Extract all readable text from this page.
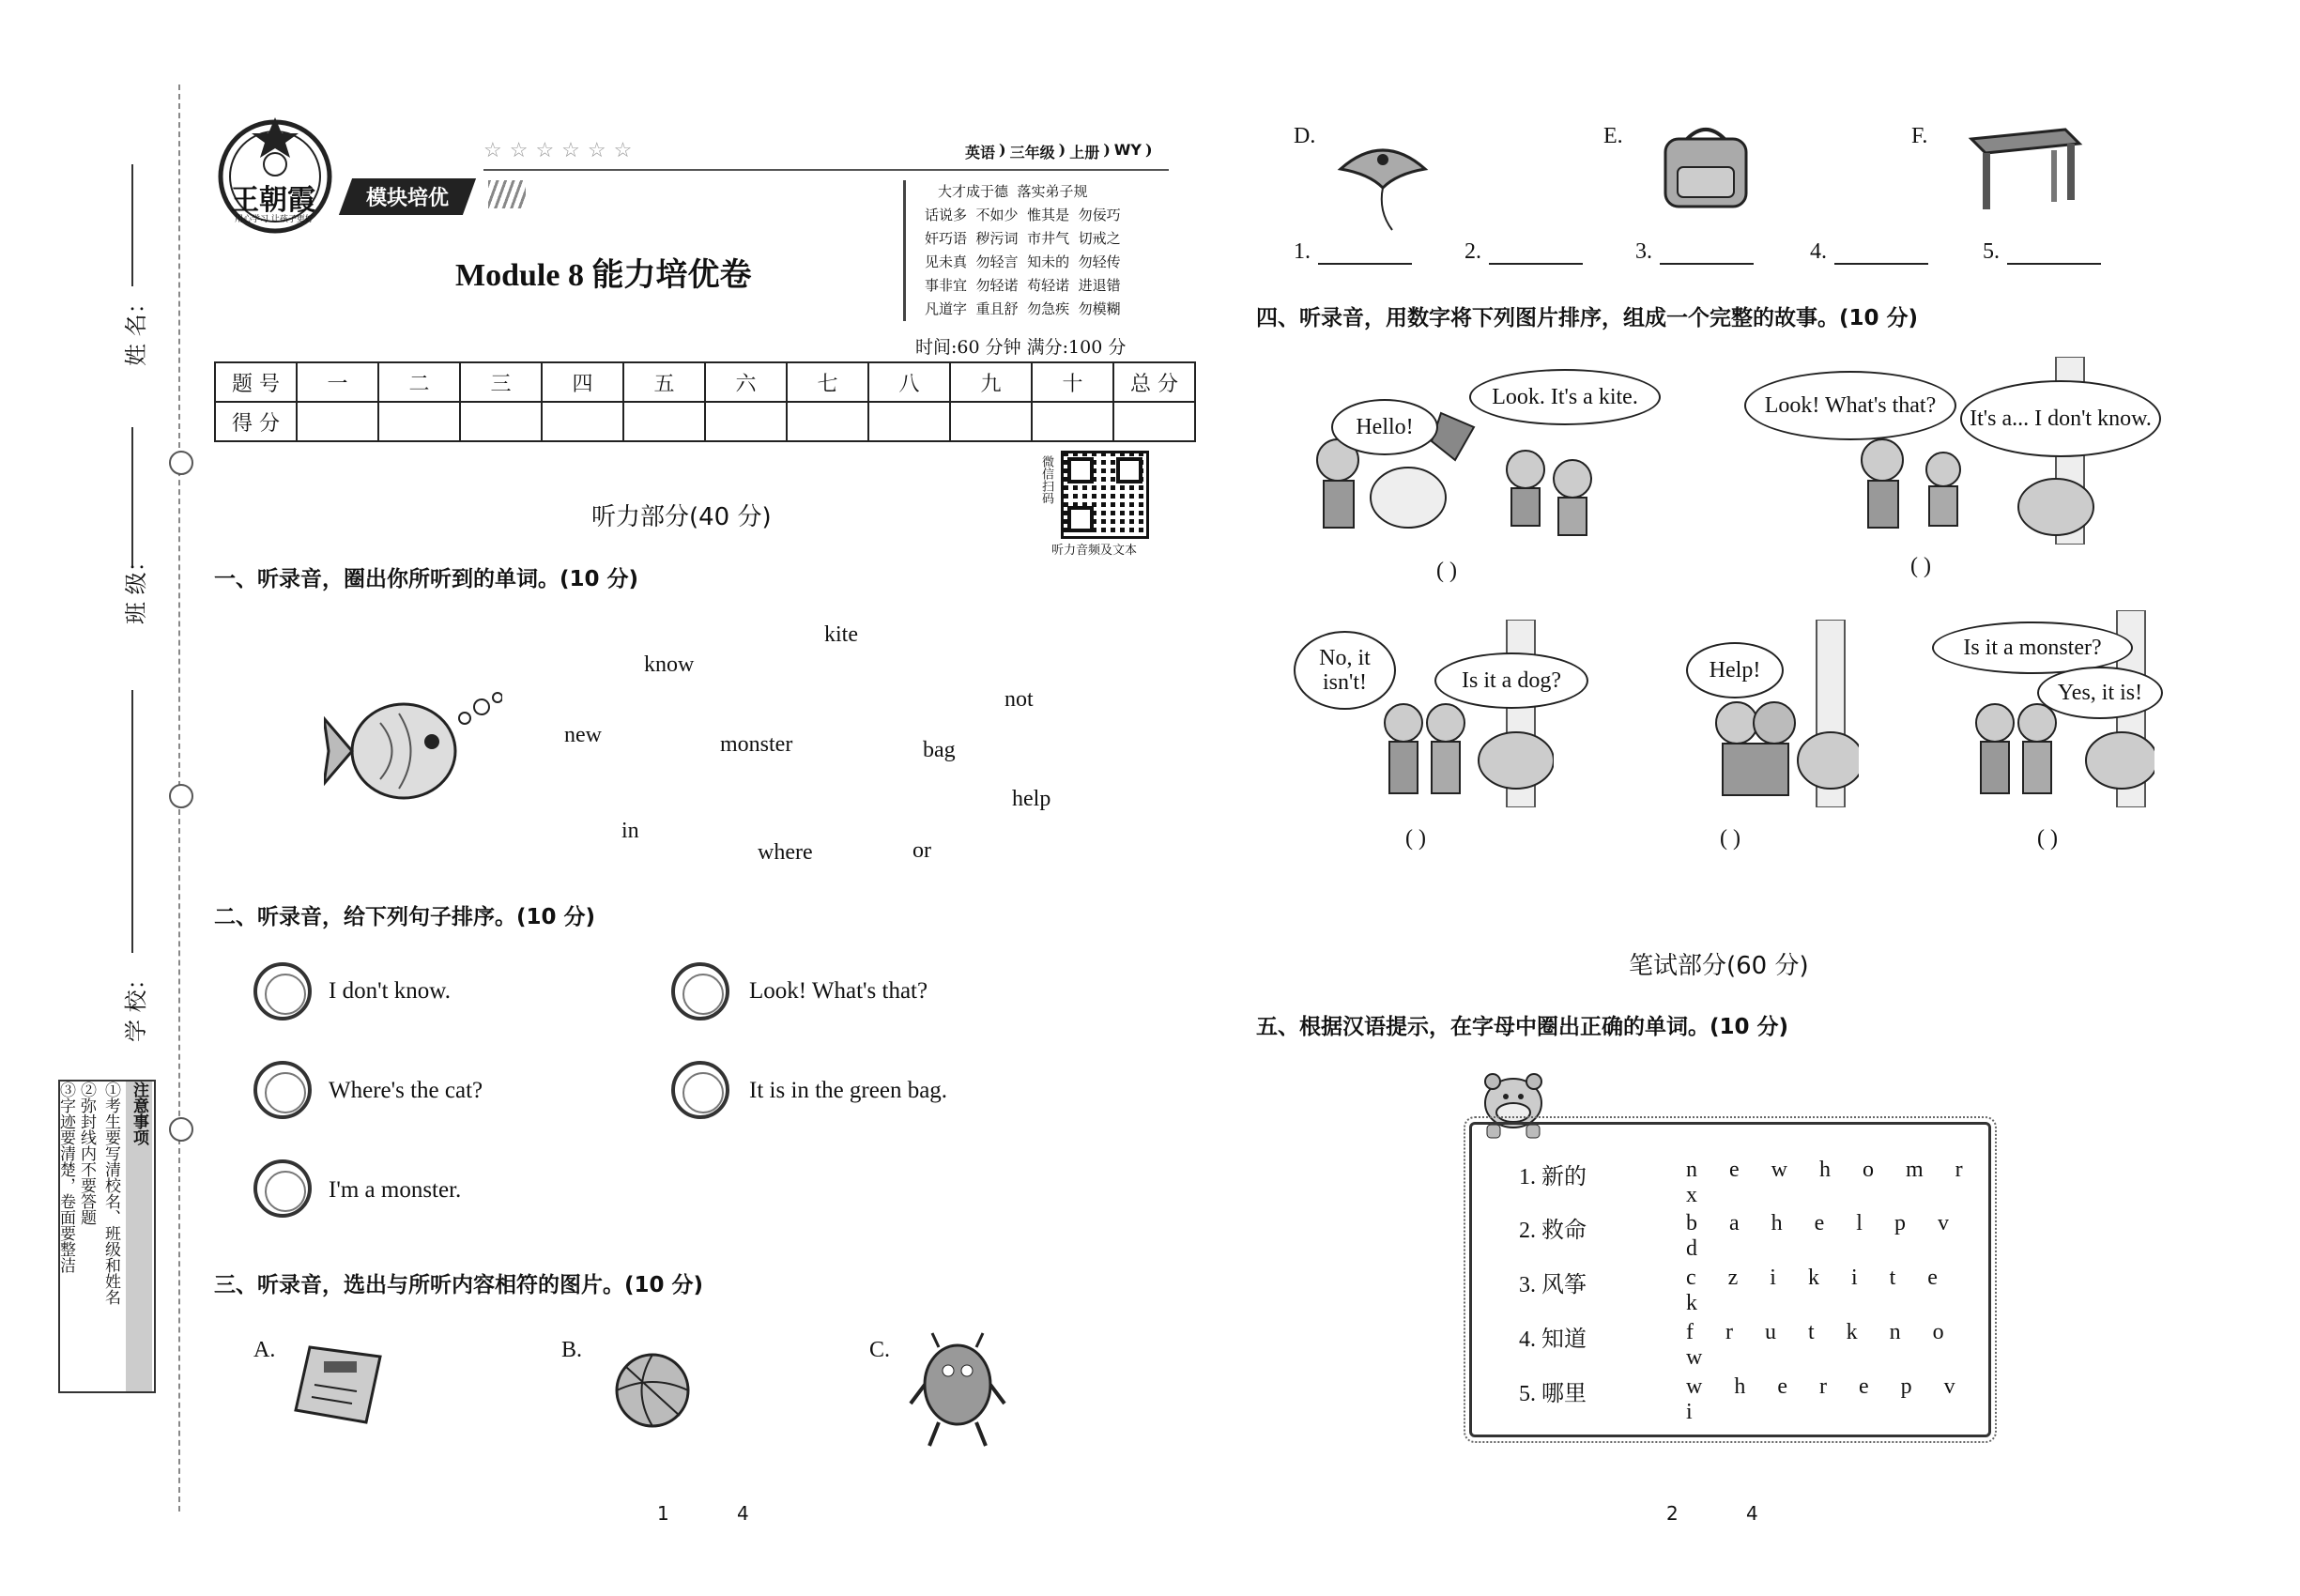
姓 名：
班 级：
学 校：
注意事项
①考生要写清校名、班级和姓名
②弥封线内不要答题
③字迹要清楚，卷面要整洁
王朝霞
用心学习 让孩子更好
模块培优
☆☆☆☆☆☆	英语 ) 三年级 ) 上册 ) WY )
Module 8 能力培优卷
大才成于德  落实弟子规
话说多  不如少  惟其是  勿佞巧
奸巧语  秽污词  市井气  切戒之
见未真  勿轻言  知未的  勿轻传
事非宜  勿轻诺  苟轻诺  进退错
凡道字  重且舒  勿急疾  勿模糊
时间:60 分钟 满分:100 分
题 号	一	二	三	四	五	六	七	八	九	十	总 分
得 分											
微信扫码
听力音频及文本
听力部分(40 分)
一、听录音，圈出你所听到的单词。(10 分)
kite
know
not
new	monster	bag
help
in
where	or
二、听录音，给下列句子排序。(10 分)
I don't know.	Look! What's that?
Where's the cat?	It is in the green bag.
I'm a monster.
三、听录音，选出与所听内容相符的图片。(10 分)
A.	B.	C.
D.	E.	F.
1.	2.	3.	4.	5.
四、听录音，用数字将下列图片排序，组成一个完整的故事。(10 分)
Hello!
Look. It's a kite.
( )
Look! What's that?
It's a... I don't know.
( )
No, it isn't!	Is it a dog?
( )
Help!
( )
Is it a monster?
Yes, it is!
( )
笔试部分(60 分)
五、根据汉语提示，在字母中圈出正确的单词。(10 分)
1. 新的	n e w h o m r x
2. 救命	b a h e l p v d
3. 风筝	c z i k i t e k
4. 知道	f r u t k n o w
5. 哪里	w h e r e p v i
1	4	2	4
